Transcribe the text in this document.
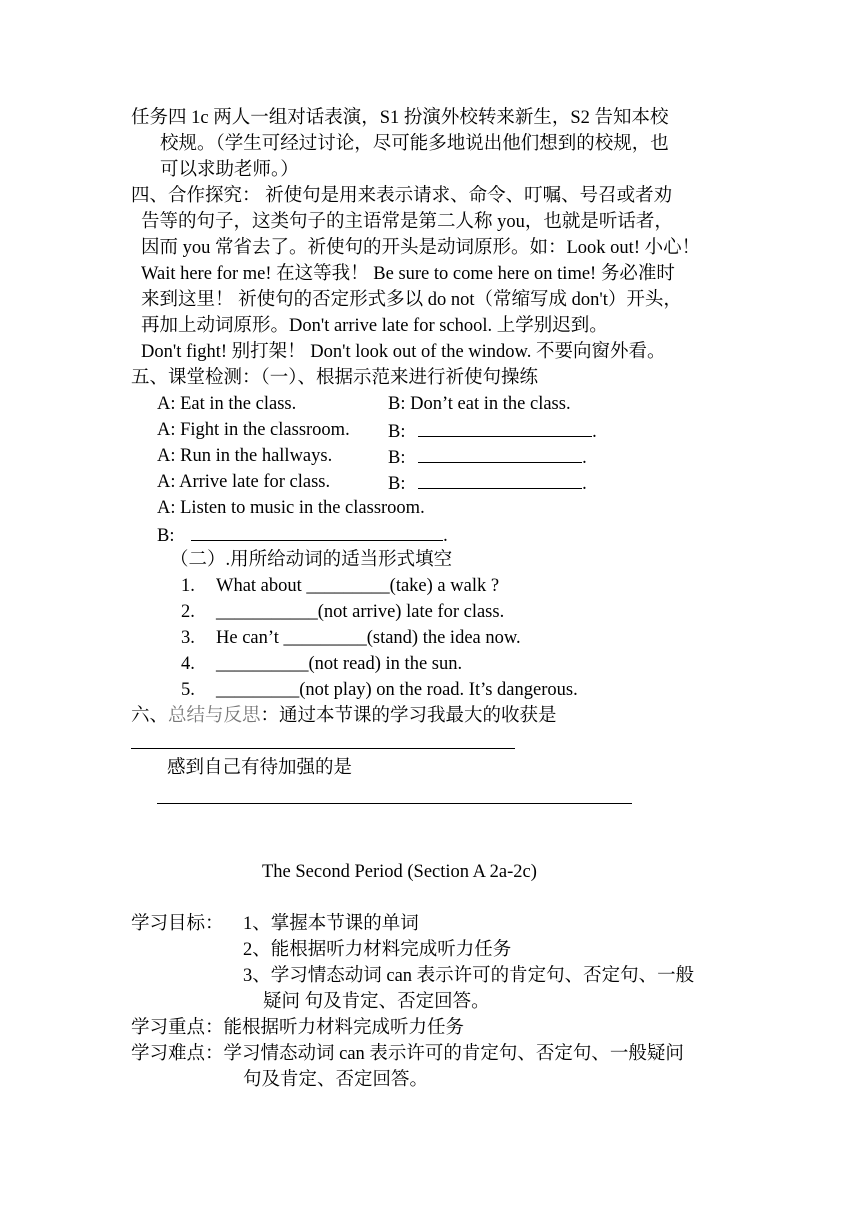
任务四 1c 两人一组对话表演，S1 扮演外校转来新生，S2 告知本校
校规。（学生可经过讨论，尽可能多地说出他们想到的校规，也
可以求助老师。）
四、合作探究： 祈使句是用来表示请求、命令、叮嘱、号召或者劝
告等的句子，这类句子的主语常是第二人称 you，也就是听话者，
因而 you 常省去了。祈使句的开头是动词原形。如：Look out! 小心！
Wait here for me! 在这等我！ Be sure to come here on time! 务必准时
来到这里！ 祈使句的否定形式多以 do not（常缩写成 don't）开头，
再加上动词原形。Don't arrive late for school. 上学别迟到。
Don't fight! 别打架！ Don't look out of the window. 不要向窗外看。
五、课堂检测：（一）、根据示范来进行祈使句操练
A: Eat in the class.	B: Don’t eat in the class.
A: Fight in the classroom. B:	.
A: Run in the hallways.	B:	.
A: Arrive late for class.	B:	.
A: Listen to music in the classroom.
B:	.
（二）.用所给动词的适当形式填空
1. What about _________(take) a walk ?
2. ___________(not arrive) late for class.
3. He can’t _________(stand) the idea now.
4. __________(not read) in the sun.
5. _________(not play) on the road. It’s dangerous.
六、总结与反思：通过本节课的学习我最大的收获是
感到自己有待加强的是
The Second Period (Section A 2a-2c)
学习目标： 1、掌握本节课的单词
2、能根据听力材料完成听力任务
3、学习情态动词 can 表示许可的肯定句、否定句、一般
疑问 句及肯定、否定回答。
学习重点：能根据听力材料完成听力任务
学习难点：学习情态动词 can 表示许可的肯定句、否定句、一般疑问
句及肯定、否定回答。
